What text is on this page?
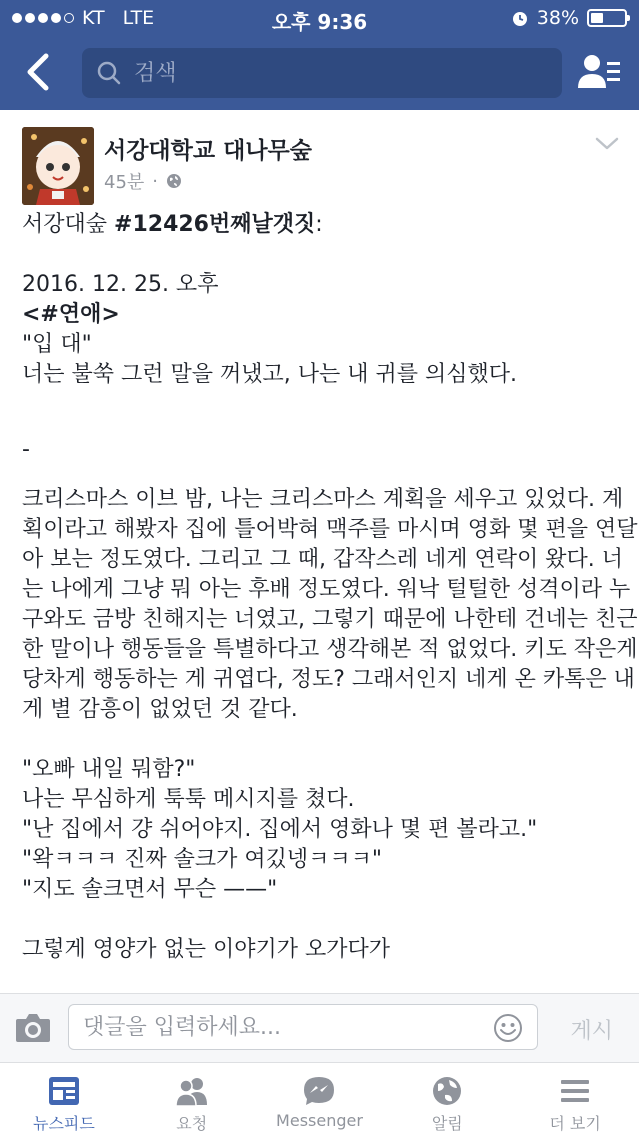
KT LTE	오후 9:36	38%
검색
서강대학교 대나무숲
45분 ·

서강대숲 #12426번째날갯짓:

2016. 12. 25. 오후

<#연애>

"입 대"

너는 불쑥 그런 말을 꺼냈고, 나는 내 귀를 의심했다.

-

크리스마스 이브 밤, 나는 크리스마스 계획을 세우고 있었다. 계

획이라고 해봤자 집에 틀어박혀 맥주를 마시며 영화 몇 편을 연달

아 보는 정도였다. 그리고 그 때, 갑작스레 네게 연락이 왔다. 너

는 나에게 그냥 뭐 아는 후배 정도였다. 워낙 털털한 성격이라 누

구와도 금방 친해지는 너였고, 그렇기 때문에 나한테 건네는 친근

한 말이나 행동들을 특별하다고 생각해본 적 없었다. 키도 작은게

당차게 행동하는 게 귀엽다, 정도? 그래서인지 네게 온 카톡은 내

게 별 감흥이 없었던 것 같다.

"오빠 내일 뭐함?"

나는 무심하게 툭툭 메시지를 쳤다.

"난 집에서 걍 쉬어야지. 집에서 영화나 몇 편 볼라고."

"왁ㅋㅋㅋ 진짜 솔크가 여깄넹ㅋㅋㅋ"

"지도 솔크면서 무슨 ——"

그렇게 영양가 없는 이야기가 오가다가

댓글을 입력하세요...
게시
뉴스피드	요청	Messenger	알림	더 보기
